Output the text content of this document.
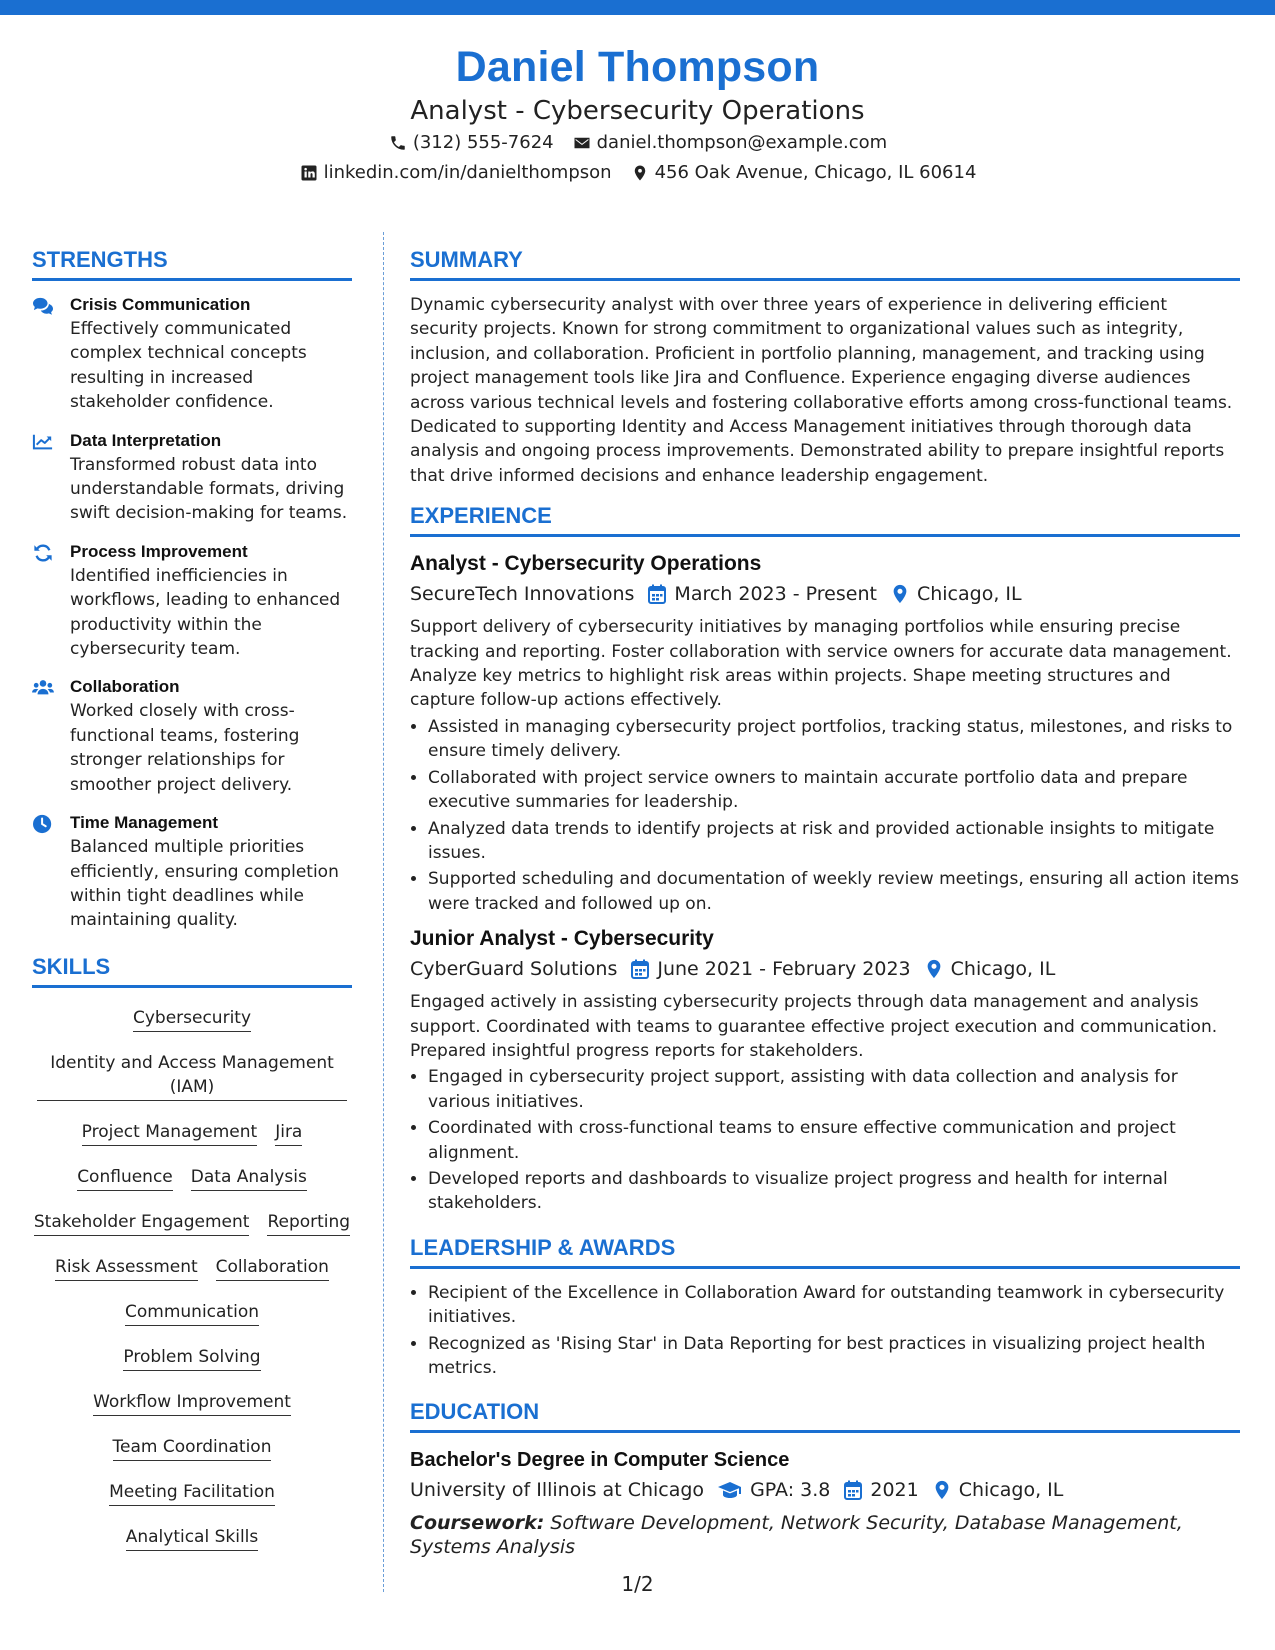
Daniel Thompson
Analyst - Cybersecurity Operations
(312) 555-7624 daniel.thompson@example.com
linkedin.com/in/danielthompson 456 Oak Avenue, Chicago, IL 60614
STRENGTHS
Crisis Communication
Effectively communicated complex technical concepts resulting in increased stakeholder confidence.
Data Interpretation
Transformed robust data into understandable formats, driving swift decision-making for teams.
Process Improvement
Identified inefficiencies in workflows, leading to enhanced productivity within the cybersecurity team.
Collaboration
Worked closely with cross-functional teams, fostering stronger relationships for smoother project delivery.
Time Management
Balanced multiple priorities efficiently, ensuring completion within tight deadlines while maintaining quality.
SKILLS
Cybersecurity
Identity and Access Management (IAM)
Project Management Jira
Confluence Data Analysis
Stakeholder Engagement Reporting
Risk Assessment Collaboration
Communication
Problem Solving
Workflow Improvement
Team Coordination
Meeting Facilitation
Analytical Skills
SUMMARY

Dynamic cybersecurity analyst with over three years of experience in delivering efficient security projects. Known for strong commitment to organizational values such as integrity, inclusion, and collaboration. Proficient in portfolio planning, management, and tracking using project management tools like Jira and Confluence. Experience engaging diverse audiences across various technical levels and fostering collaborative efforts among cross-functional teams. Dedicated to supporting Identity and Access Management initiatives through thorough data analysis and ongoing process improvements. Demonstrated ability to prepare insightful reports that drive informed decisions and enhance leadership engagement.

EXPERIENCE
Analyst - Cybersecurity Operations
SecureTech Innovations March 2023 - Present Chicago, IL

Support delivery of cybersecurity initiatives by managing portfolios while ensuring precise tracking and reporting. Foster collaboration with service owners for accurate data management. Analyze key metrics to highlight risk areas within projects. Shape meeting structures and capture follow-up actions effectively.

• Assisted in managing cybersecurity project portfolios, tracking status, milestones, and risks to ensure timely delivery.
• Collaborated with project service owners to maintain accurate portfolio data and prepare executive summaries for leadership.
• Analyzed data trends to identify projects at risk and provided actionable insights to mitigate issues.
• Supported scheduling and documentation of weekly review meetings, ensuring all action items were tracked and followed up on.
Junior Analyst - Cybersecurity
CyberGuard Solutions June 2021 - February 2023 Chicago, IL

Engaged actively in assisting cybersecurity projects through data management and analysis support. Coordinated with teams to guarantee effective project execution and communication. Prepared insightful progress reports for stakeholders.

• Engaged in cybersecurity project support, assisting with data collection and analysis for various initiatives.
• Coordinated with cross-functional teams to ensure effective communication and project alignment.
• Developed reports and dashboards to visualize project progress and health for internal stakeholders.
LEADERSHIP & AWARDS
• Recipient of the Excellence in Collaboration Award for outstanding teamwork in cybersecurity initiatives.
• Recognized as 'Rising Star' in Data Reporting for best practices in visualizing project health metrics.
EDUCATION
Bachelor's Degree in Computer Science
University of Illinois at Chicago GPA: 3.8 2021 Chicago, IL
Coursework: Software Development, Network Security, Database Management, Systems Analysis
1/2
